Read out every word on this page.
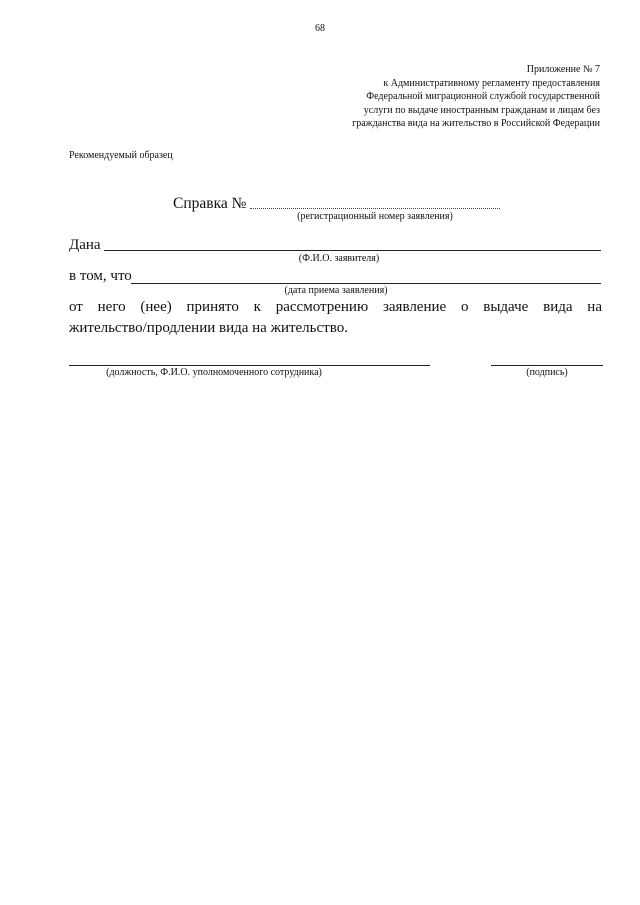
68
Приложение № 7
к Административному регламенту предоставления
Федеральной миграционной службой государственной
услуги по выдаче иностранным гражданам и лицам без
гражданства вида на жительство в Российской Федерации
Рекомендуемый образец
Справка №
(регистрационный номер заявления)
Дана
(Ф.И.О. заявителя)
в том, что
(дата приема заявления)
от него (нее) принято к рассмотрению заявление о выдаче вида на
жительство/продлении вида на жительство.
(должность, Ф.И.О. уполномоченного сотрудника)	(подпись)
